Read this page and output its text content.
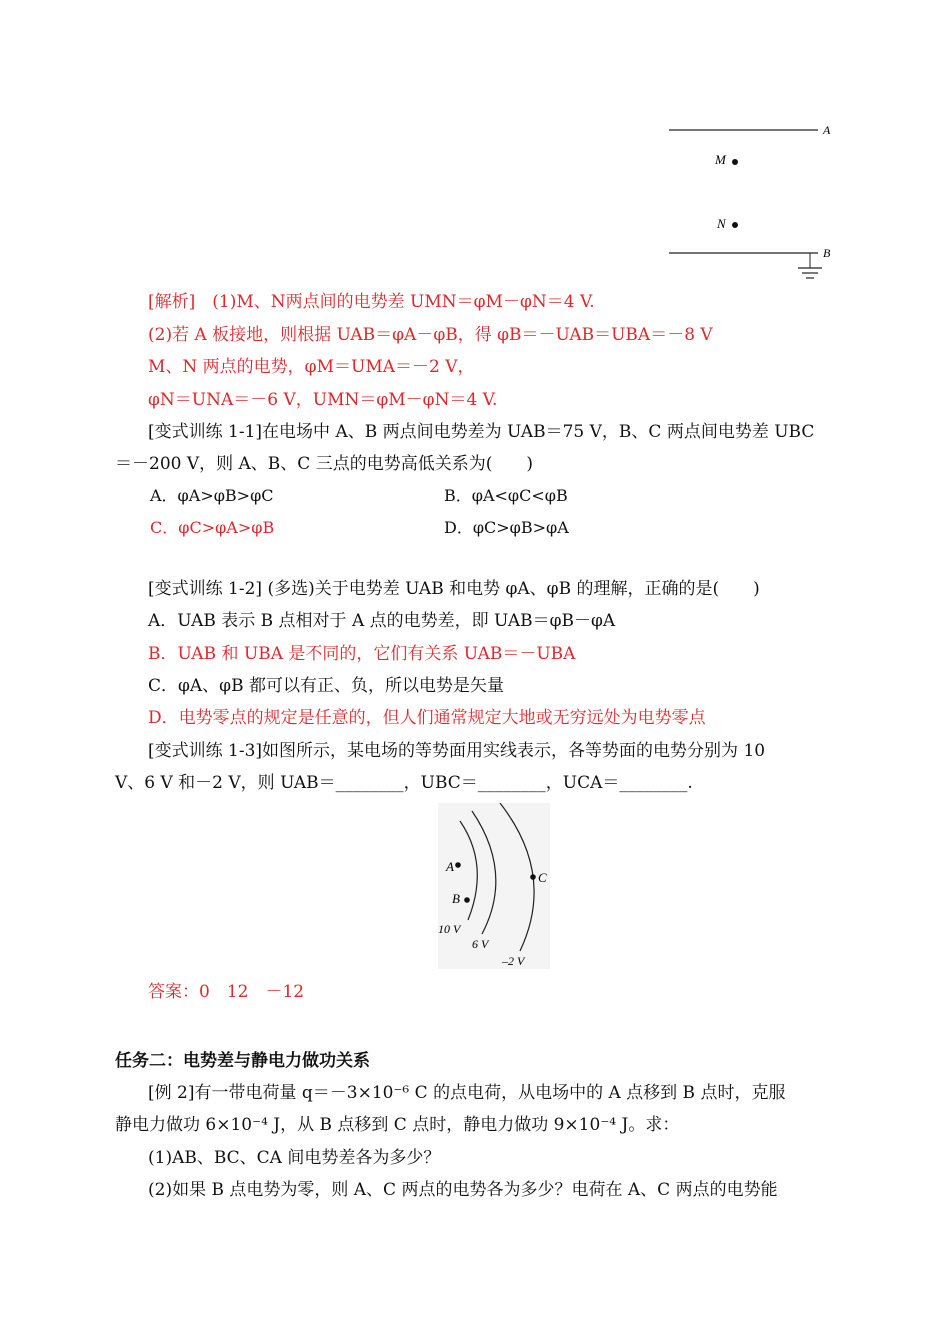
A
M
N
B
[解析]　(1)M、N两点间的电势差 UMN＝φM－φN＝4 V.
(2)若 A 板接地，则根据 UAB＝φA－φB，得 φB＝－UAB＝UBA＝－8 V
M、N 两点的电势，φM＝UMA＝－2 V，
φN＝UNA＝－6 V，UMN＝φM－φN＝4 V.
[变式训练 1-1]在电场中 A、B 两点间电势差为 UAB＝75 V，B、C 两点间电势差 UBC
＝－200 V，则 A、B、C 三点的电势高低关系为(　　)
A．φA>φB>φC	B．φA<φC<φB
C．φC>φA>φB	D．φC>φB>φA
[变式训练 1-2] (多选)关于电势差 UAB 和电势 φA、φB 的理解，正确的是(　　)
A．UAB 表示 B 点相对于 A 点的电势差，即 UAB＝φB－φA
B．UAB 和 UBA 是不同的，它们有关系 UAB＝－UBA
C．φA、φB 都可以有正、负，所以电势是矢量
D．电势零点的规定是任意的，但人们通常规定大地或无穷远处为电势零点
[变式训练 1-3]如图所示，某电场的等势面用实线表示，各等势面的电势分别为 10
V、6 V 和－2 V，则 UAB＝________，UBC＝________，UCA＝________.
A
B
C
10 V
6 V
–2 V
答案：0　12　－12
任务二：电势差与静电力做功关系
[例 2]有一带电荷量 q＝－3×10⁻⁶ C 的点电荷，从电场中的 A 点移到 B 点时，克服
静电力做功 6×10⁻⁴ J，从 B 点移到 C 点时，静电力做功 9×10⁻⁴ J。求：
(1)AB、BC、CA 间电势差各为多少？
(2)如果 B 点电势为零，则 A、C 两点的电势各为多少？电荷在 A、C 两点的电势能
